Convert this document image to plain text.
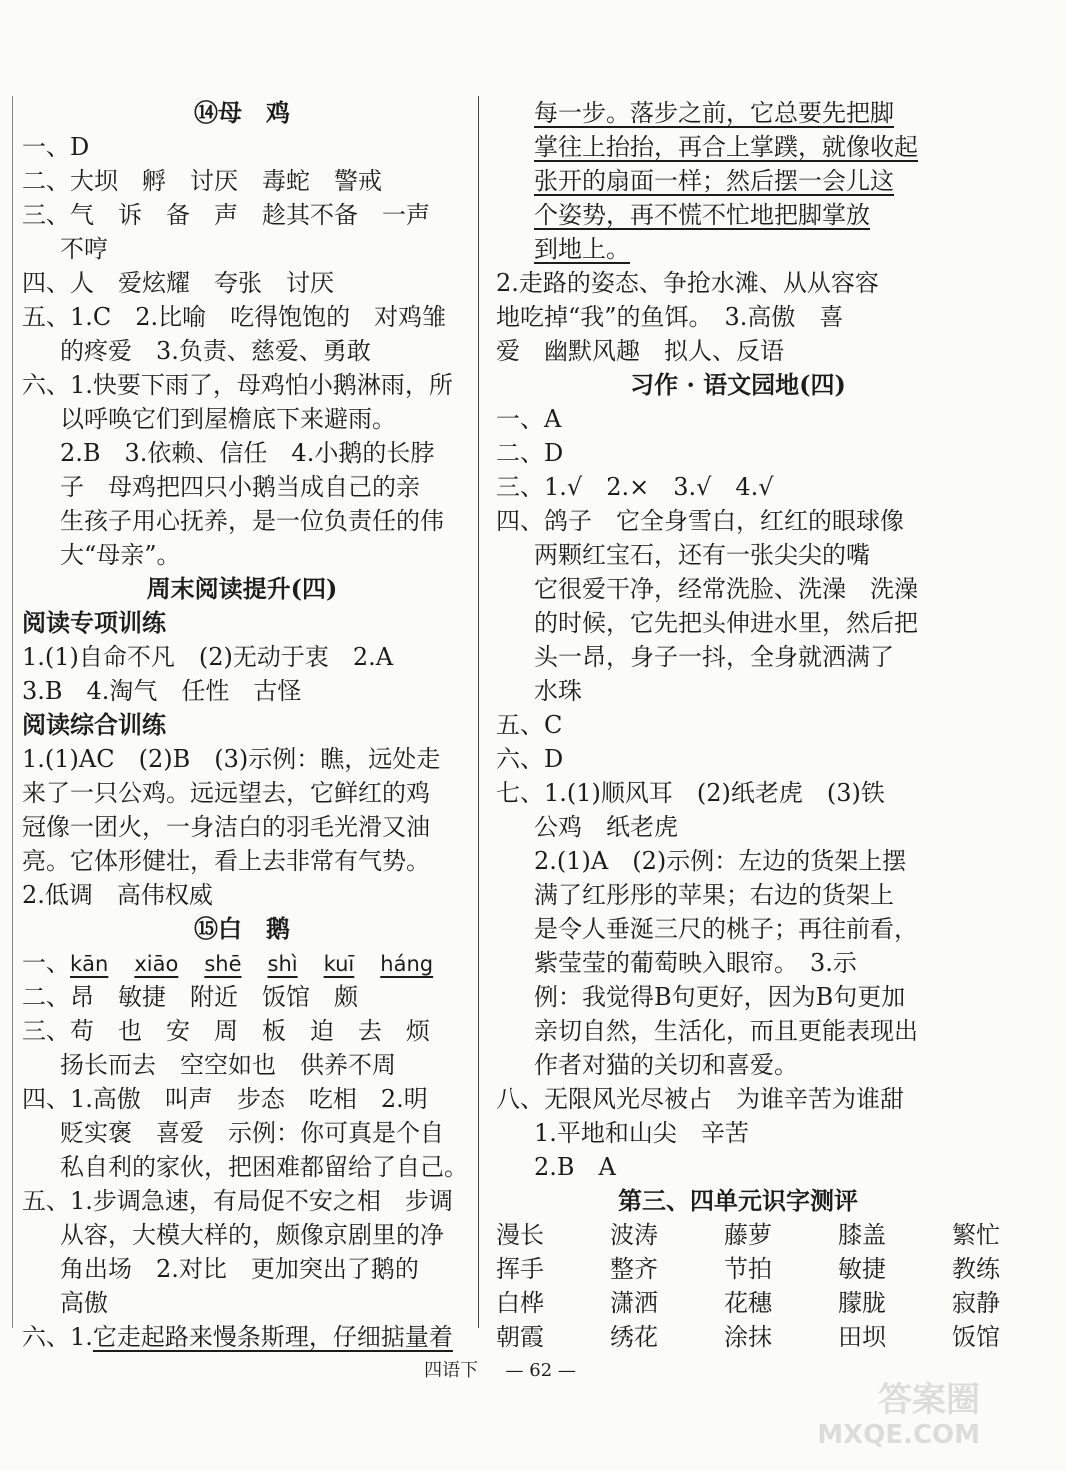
⑭母　鸡
一、D
二、大坝　孵　讨厌　毒蛇　警戒
三、气　诉　备　声　趁其不备　一声
不哼
四、人　爱炫耀　夸张　讨厌
五、1.C　2.比喻　吃得饱饱的　对鸡雏
的疼爱　3.负责、慈爱、勇敢
六、1.快要下雨了，母鸡怕小鹅淋雨，所
以呼唤它们到屋檐底下来避雨。
2.B　3.依赖、信任　4.小鹅的长脖
子　母鸡把四只小鹅当成自己的亲
生孩子用心抚养，是一位负责任的伟
大“母亲”。
周末阅读提升(四)
阅读专项训练
1.(1)自命不凡　(2)无动于衷　2.A
3.B　4.淘气　任性　古怪
阅读综合训练
1.(1)AC　(2)B　(3)示例：瞧，远处走
来了一只公鸡。远远望去，它鲜红的鸡
冠像一团火，一身洁白的羽毛光滑又油
亮。它体形健壮，看上去非常有气势。
2.低调　高伟权威
⑮白　鹅
一、kān xiāo shē shì kuī háng
二、昂　敏捷　附近　饭馆　颇
三、苟　也　安　周　板　迫　去　烦
扬长而去　空空如也　供养不周
四、1.高傲　叫声　步态　吃相　2.明
贬实褒　喜爱　示例：你可真是个自
私自利的家伙，把困难都留给了自己。
五、1.步调急速，有局促不安之相　步调
从容，大模大样的，颇像京剧里的净
角出场　2.对比　更加突出了鹅的
高傲
六、1.它走起路来慢条斯理，仔细掂量着
每一步。落步之前，它总要先把脚
掌往上抬抬，再合上掌蹼，就像收起
张开的扇面一样；然后摆一会儿这
个姿势，再不慌不忙地把脚掌放
到地上。
2.走路的姿态、争抢水滩、从从容容
地吃掉“我”的鱼饵。　3.高傲　喜
爱　幽默风趣　拟人、反语
习作 · 语文园地(四)
一、A
二、D
三、1.√　2.×　3.√　4.√
四、鸽子　它全身雪白，红红的眼球像
两颗红宝石，还有一张尖尖的嘴
它很爱干净，经常洗脸、洗澡　洗澡
的时候，它先把头伸进水里，然后把
头一昂，身子一抖，全身就洒满了
水珠
五、C
六、D
七、1.(1)顺风耳　(2)纸老虎　(3)铁
公鸡　纸老虎
2.(1)A　(2)示例：左边的货架上摆
满了红彤彤的苹果；右边的货架上
是令人垂涎三尺的桃子；再往前看，
紫莹莹的葡萄映入眼帘。　3.示
例：我觉得B句更好，因为B句更加
亲切自然，生活化，而且更能表现出
作者对猫的关切和喜爱。
八、无限风光尽被占　为谁辛苦为谁甜
1.平地和山尖　辛苦
2.B　A
第三、四单元识字测评
漫长	波涛	藤萝	膝盖	繁忙
挥手	整齐	节拍	敏捷	教练
白桦	潇洒	花穗	朦胧	寂静
朝霞	绣花	涂抹	田坝	饭馆
四语下 — 62 —
答案圈
MXQE.COM
